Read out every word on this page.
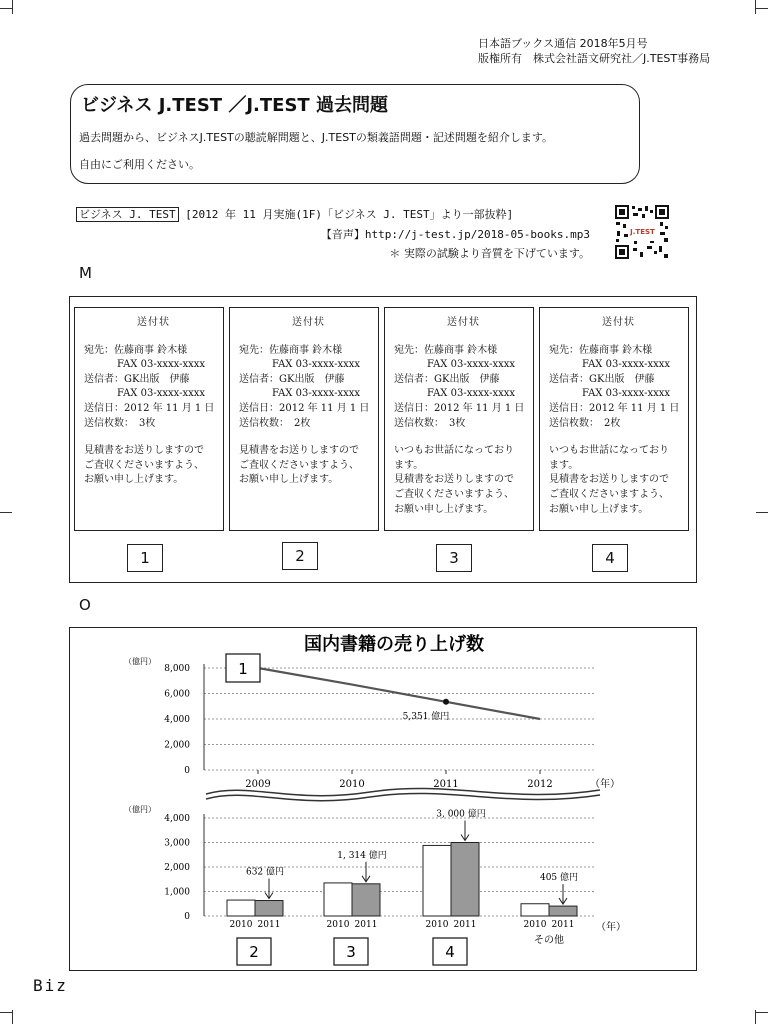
日本語ブックス通信 2018年5月号
版権所有　株式会社語文研究社／J.TEST事務局
ビジネス J.TEST ／J.TEST 過去問題
過去問題から、ビジネスJ.TESTの聴読解問題と、J.TESTの類義語問題・記述問題を紹介します。
自由にご利用ください。
ビジネス J. TEST [2012 年 11 月実施(1F)「ビジネス J. TEST」より一部抜粋]
【音声】http://j-test.jp/2018-05-books.mp3
＊ 実際の試験より音質を下げています。
J.TEST
M
送付状
宛先：佐藤商事 鈴木様
FAX 03-xxxx-xxxx
送信者：GK出版　伊藤
FAX 03-xxxx-xxxx
送信日：2012 年 11 月 1 日
送信枚数：　3枚
見積書をお送りしますので
ご査収くださいますよう、
お願い申し上げます。
送付状
宛先：佐藤商事 鈴木様
FAX 03-xxxx-xxxx
送信者：GK出版　伊藤
FAX 03-xxxx-xxxx
送信日：2012 年 11 月 1 日
送信枚数：　2枚
見積書をお送りしますので
ご査収くださいますよう、
お願い申し上げます。
送付状
宛先：佐藤商事 鈴木様
FAX 03-xxxx-xxxx
送信者：GK出版　伊藤
FAX 03-xxxx-xxxx
送信日：2012 年 11 月 1 日
送信枚数：　3枚
いつもお世話になっており
ます。
見積書をお送りしますので
ご査収くださいますよう、
お願い申し上げます。
送付状
宛先：佐藤商事 鈴木様
FAX 03-xxxx-xxxx
送信者：GK出版　伊藤
FAX 03-xxxx-xxxx
送信日：2012 年 11 月 1 日
送信枚数：　2枚
いつもお世話になっており
ます。
見積書をお送りしますので
ご査収くださいますよう、
お願い申し上げます。
1	2	3	4
O
国内書籍の売り上げ数
（億円）
（億円）
（年）
（年）
8,000
6,000
4,000
2,000
0
2009	2010	2011	2012
5,351 億円
1
4,000
3,000
2,000
1,000
0
2010 2011
632 億円
2
2010 2011
1, 314 億円
3
2010 2011
3, 000 億円
4
2010 2011
405 億円
その他
Biz
